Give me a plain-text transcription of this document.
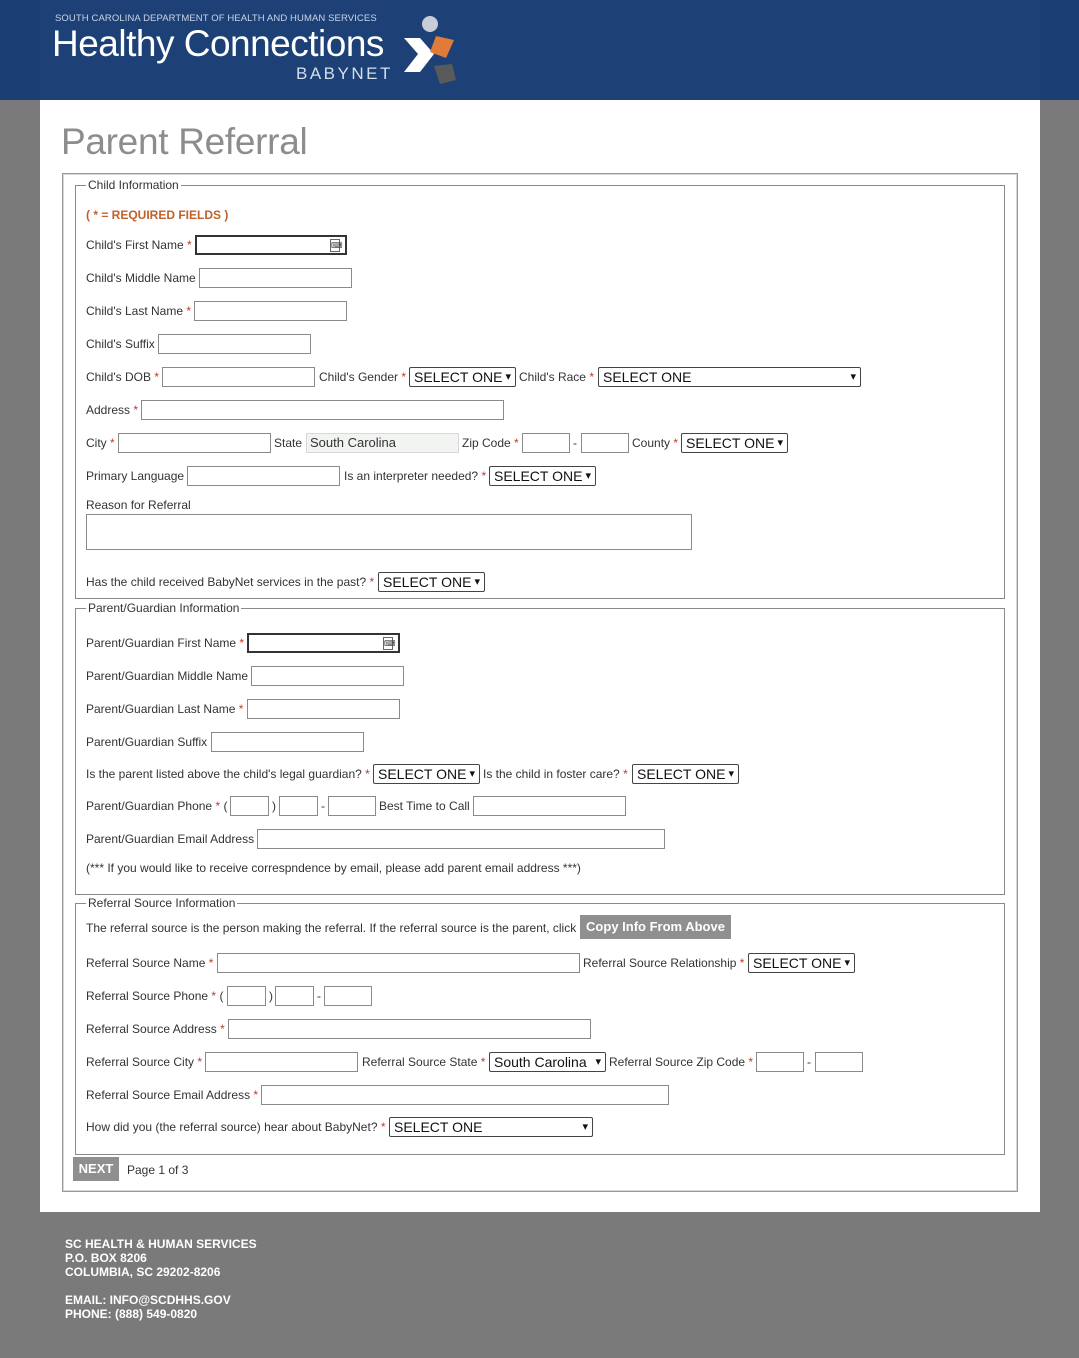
SOUTH CAROLINA DEPARTMENT OF HEALTH AND HUMAN SERVICES
Healthy Connections
BABYNET
Parent Referral
Child Information
( * = REQUIRED FIELDS )
Child's First Name *	⌨
Child's Middle Name
Child's Last Name *
Child's Suffix
Child's DOB *	Child's Gender * SELECT ONE ▾ Child's Race * SELECT ONE	▾
Address *
City *	State South Carolina	Zip Code *	-	County * SELECT ONE ▾
Primary Language	Is an interpreter needed? * SELECT ONE ▾
Reason for Referral
Has the child received BabyNet services in the past? * SELECT ONE ▾
Parent/Guardian Information
Parent/Guardian First Name *	⌨
Parent/Guardian Middle Name
Parent/Guardian Last Name *
Parent/Guardian Suffix
Is the parent listed above the child's legal guardian? * SELECT ONE ▾ Is the child in foster care? * SELECT ONE ▾
Parent/Guardian Phone * (	)	-	Best Time to Call
Parent/Guardian Email Address
(*** If you would like to receive correspndence by email, please add parent email address ***)
Referral Source Information
The referral source is the person making the referral. If the referral source is the parent, click Copy Info From Above
Referral Source Name *	Referral Source Relationship * SELECT ONE ▾
Referral Source Phone * (	)	-
Referral Source Address *
Referral Source City *	Referral Source State * South Carolina ▾ Referral Source Zip Code *	-
Referral Source Email Address *
How did you (the referral source) hear about BabyNet? * SELECT ONE	▾
NEXT	Page 1 of 3
SC HEALTH & HUMAN SERVICES
P.O. BOX 8206
COLUMBIA, SC 29202-8206
EMAIL: INFO@SCDHHS.GOV
PHONE: (888) 549-0820
